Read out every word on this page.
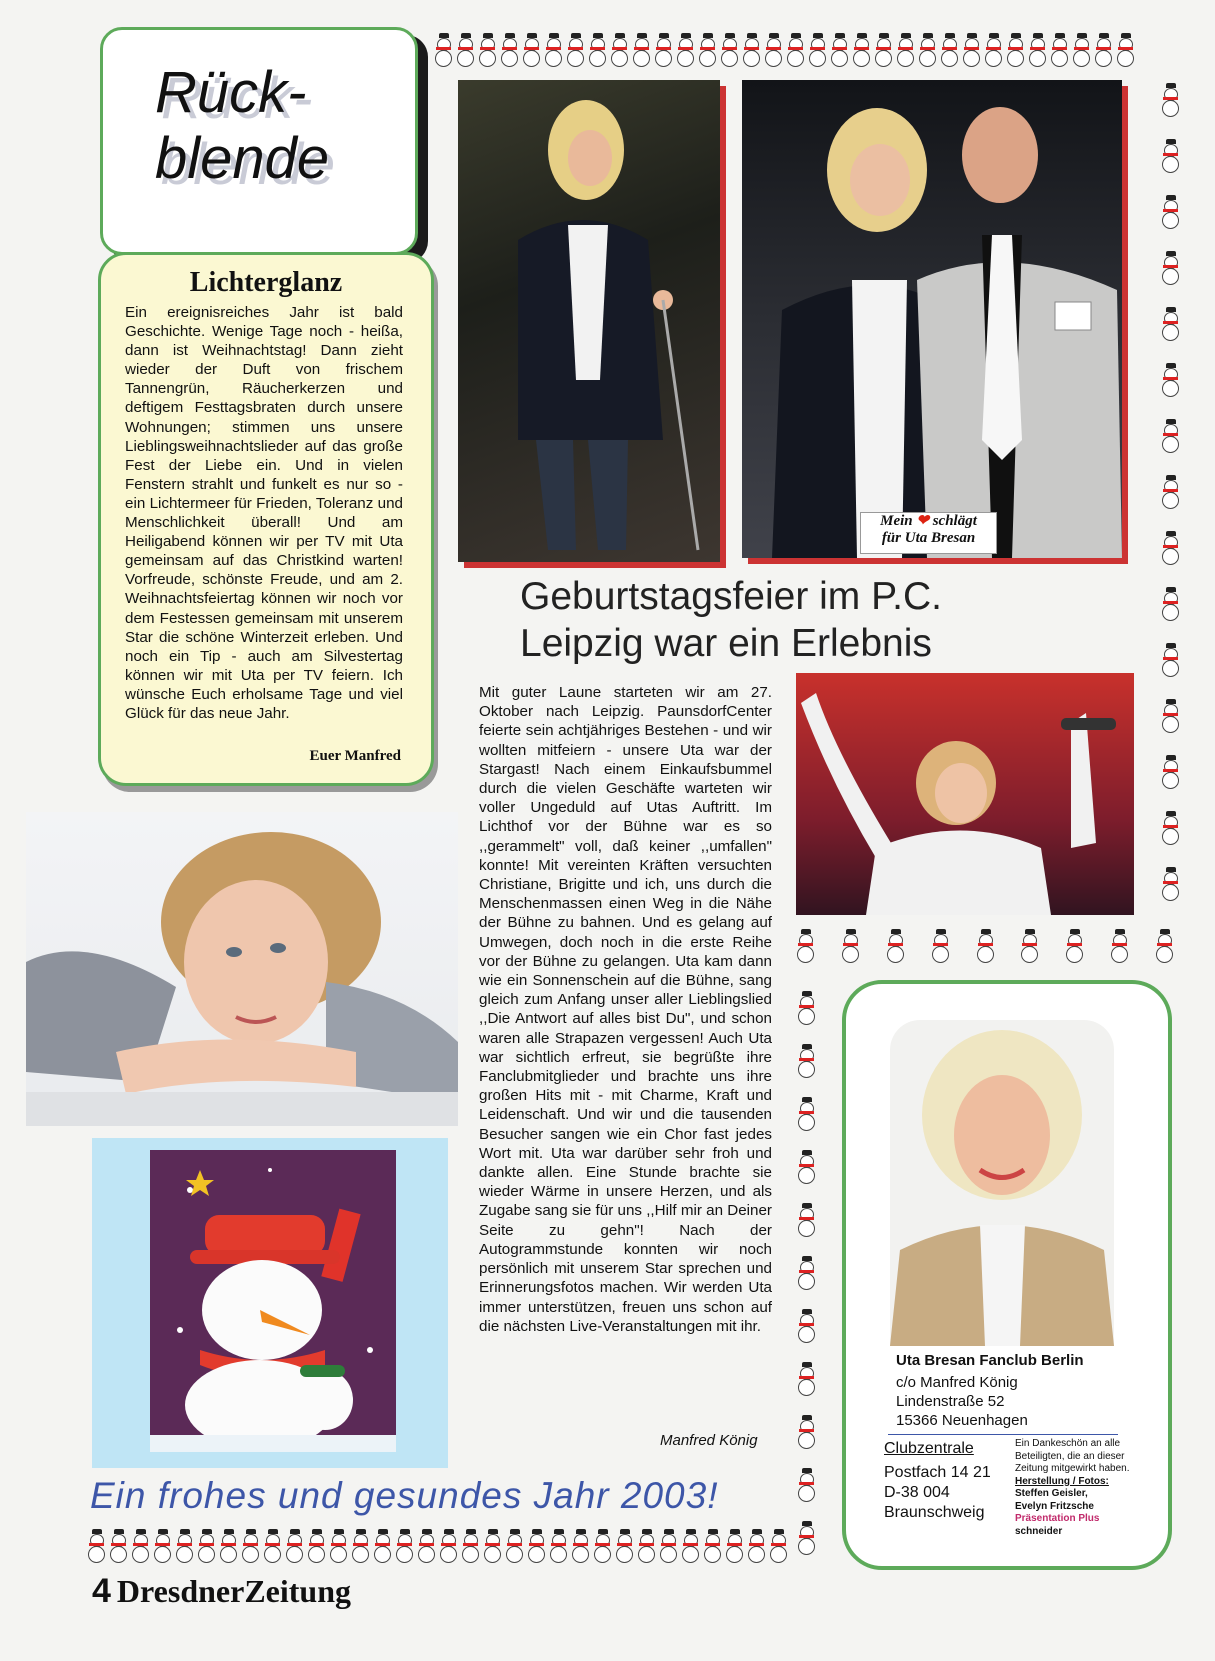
Rück-
blende
Lichterglanz
Ein ereignisreiches Jahr ist bald Geschichte. Wenige Tage noch - heißa, dann ist Weihnachtstag! Dann zieht wieder der Duft von frischem Tannengrün, Räucherkerzen und deftigem Festtagsbraten durch unsere Wohnungen; stimmen uns unsere Lieblingsweihnachtslieder auf das große Fest der Liebe ein. Und in vielen Fenstern strahlt und funkelt es nur so - ein Lichtermeer für Frieden, Toleranz und Menschlichkeit überall! Und am Heiligabend können wir per TV mit Uta gemeinsam auf das Christkind warten! Vorfreude, schönste Freude, und am 2. Weihnachtsfeiertag können wir noch vor dem Festessen gemeinsam mit unserem Star die schöne Winterzeit erleben. Und noch ein Tip - auch am Silvestertag können wir mit Uta per TV feiern. Ich wünsche Euch erholsame Tage und viel Glück für das neue Jahr.
Euer Manfred
Mein ❤ schlägt
für Uta Bresan
Geburtstagsfeier im P.C.
Leipzig war ein Erlebnis
Mit guter Laune starteten wir am 27. Oktober nach Leipzig. PaunsdorfCenter feierte sein achtjähriges Bestehen - und wir wollten mitfeiern - unsere Uta war der Stargast! Nach einem Einkaufsbummel durch die vielen Geschäfte warteten wir voller Ungeduld auf Utas Auftritt. Im Lichthof vor der Bühne war es so ,,gerammelt" voll, daß keiner ,,umfallen" konnte! Mit vereinten Kräften versuchten Christiane, Brigitte und ich, uns durch die Menschenmassen einen Weg in die Nähe der Bühne zu bahnen. Und es gelang auf Umwegen, doch noch in die erste Reihe vor der Bühne zu gelangen. Uta kam dann wie ein Sonnenschein auf die Bühne, sang gleich zum Anfang unser aller Lieblingslied ,,Die Antwort auf alles bist Du", und schon waren alle Strapazen vergessen! Auch Uta war sichtlich erfreut, sie begrüßte ihre Fanclubmitglieder und brachte uns ihre großen Hits mit - mit Charme, Kraft und Leidenschaft. Und wir und die tausenden Besucher sangen wie ein Chor fast jedes Wort mit. Uta war darüber sehr froh und dankte allen. Eine Stunde brachte sie wieder Wärme in unsere Herzen, und als Zugabe sang sie für uns ,,Hilf mir an Deiner Seite zu gehn"! Nach der Autogrammstunde konnten wir noch persönlich mit unserem Star sprechen und Erinnerungsfotos machen. Wir werden Uta immer unterstützen, freuen uns schon auf die nächsten Live-Veranstaltungen mit ihr.
Manfred König
Ein frohes und gesundes Jahr 2003!
4 DresdnerZeitung
Uta Bresan Fanclub Berlin
c/o Manfred König
Lindenstraße 52
15366 Neuenhagen
Clubzentrale
Postfach 14 21
D-38 004
Braunschweig
Ein Dankeschön an alle Beteiligten, die an dieser Zeitung mitgewirkt haben.
Herstellung / Fotos:
Steffen Geisler,
Evelyn Fritzsche
Präsentation Plus
schneider
